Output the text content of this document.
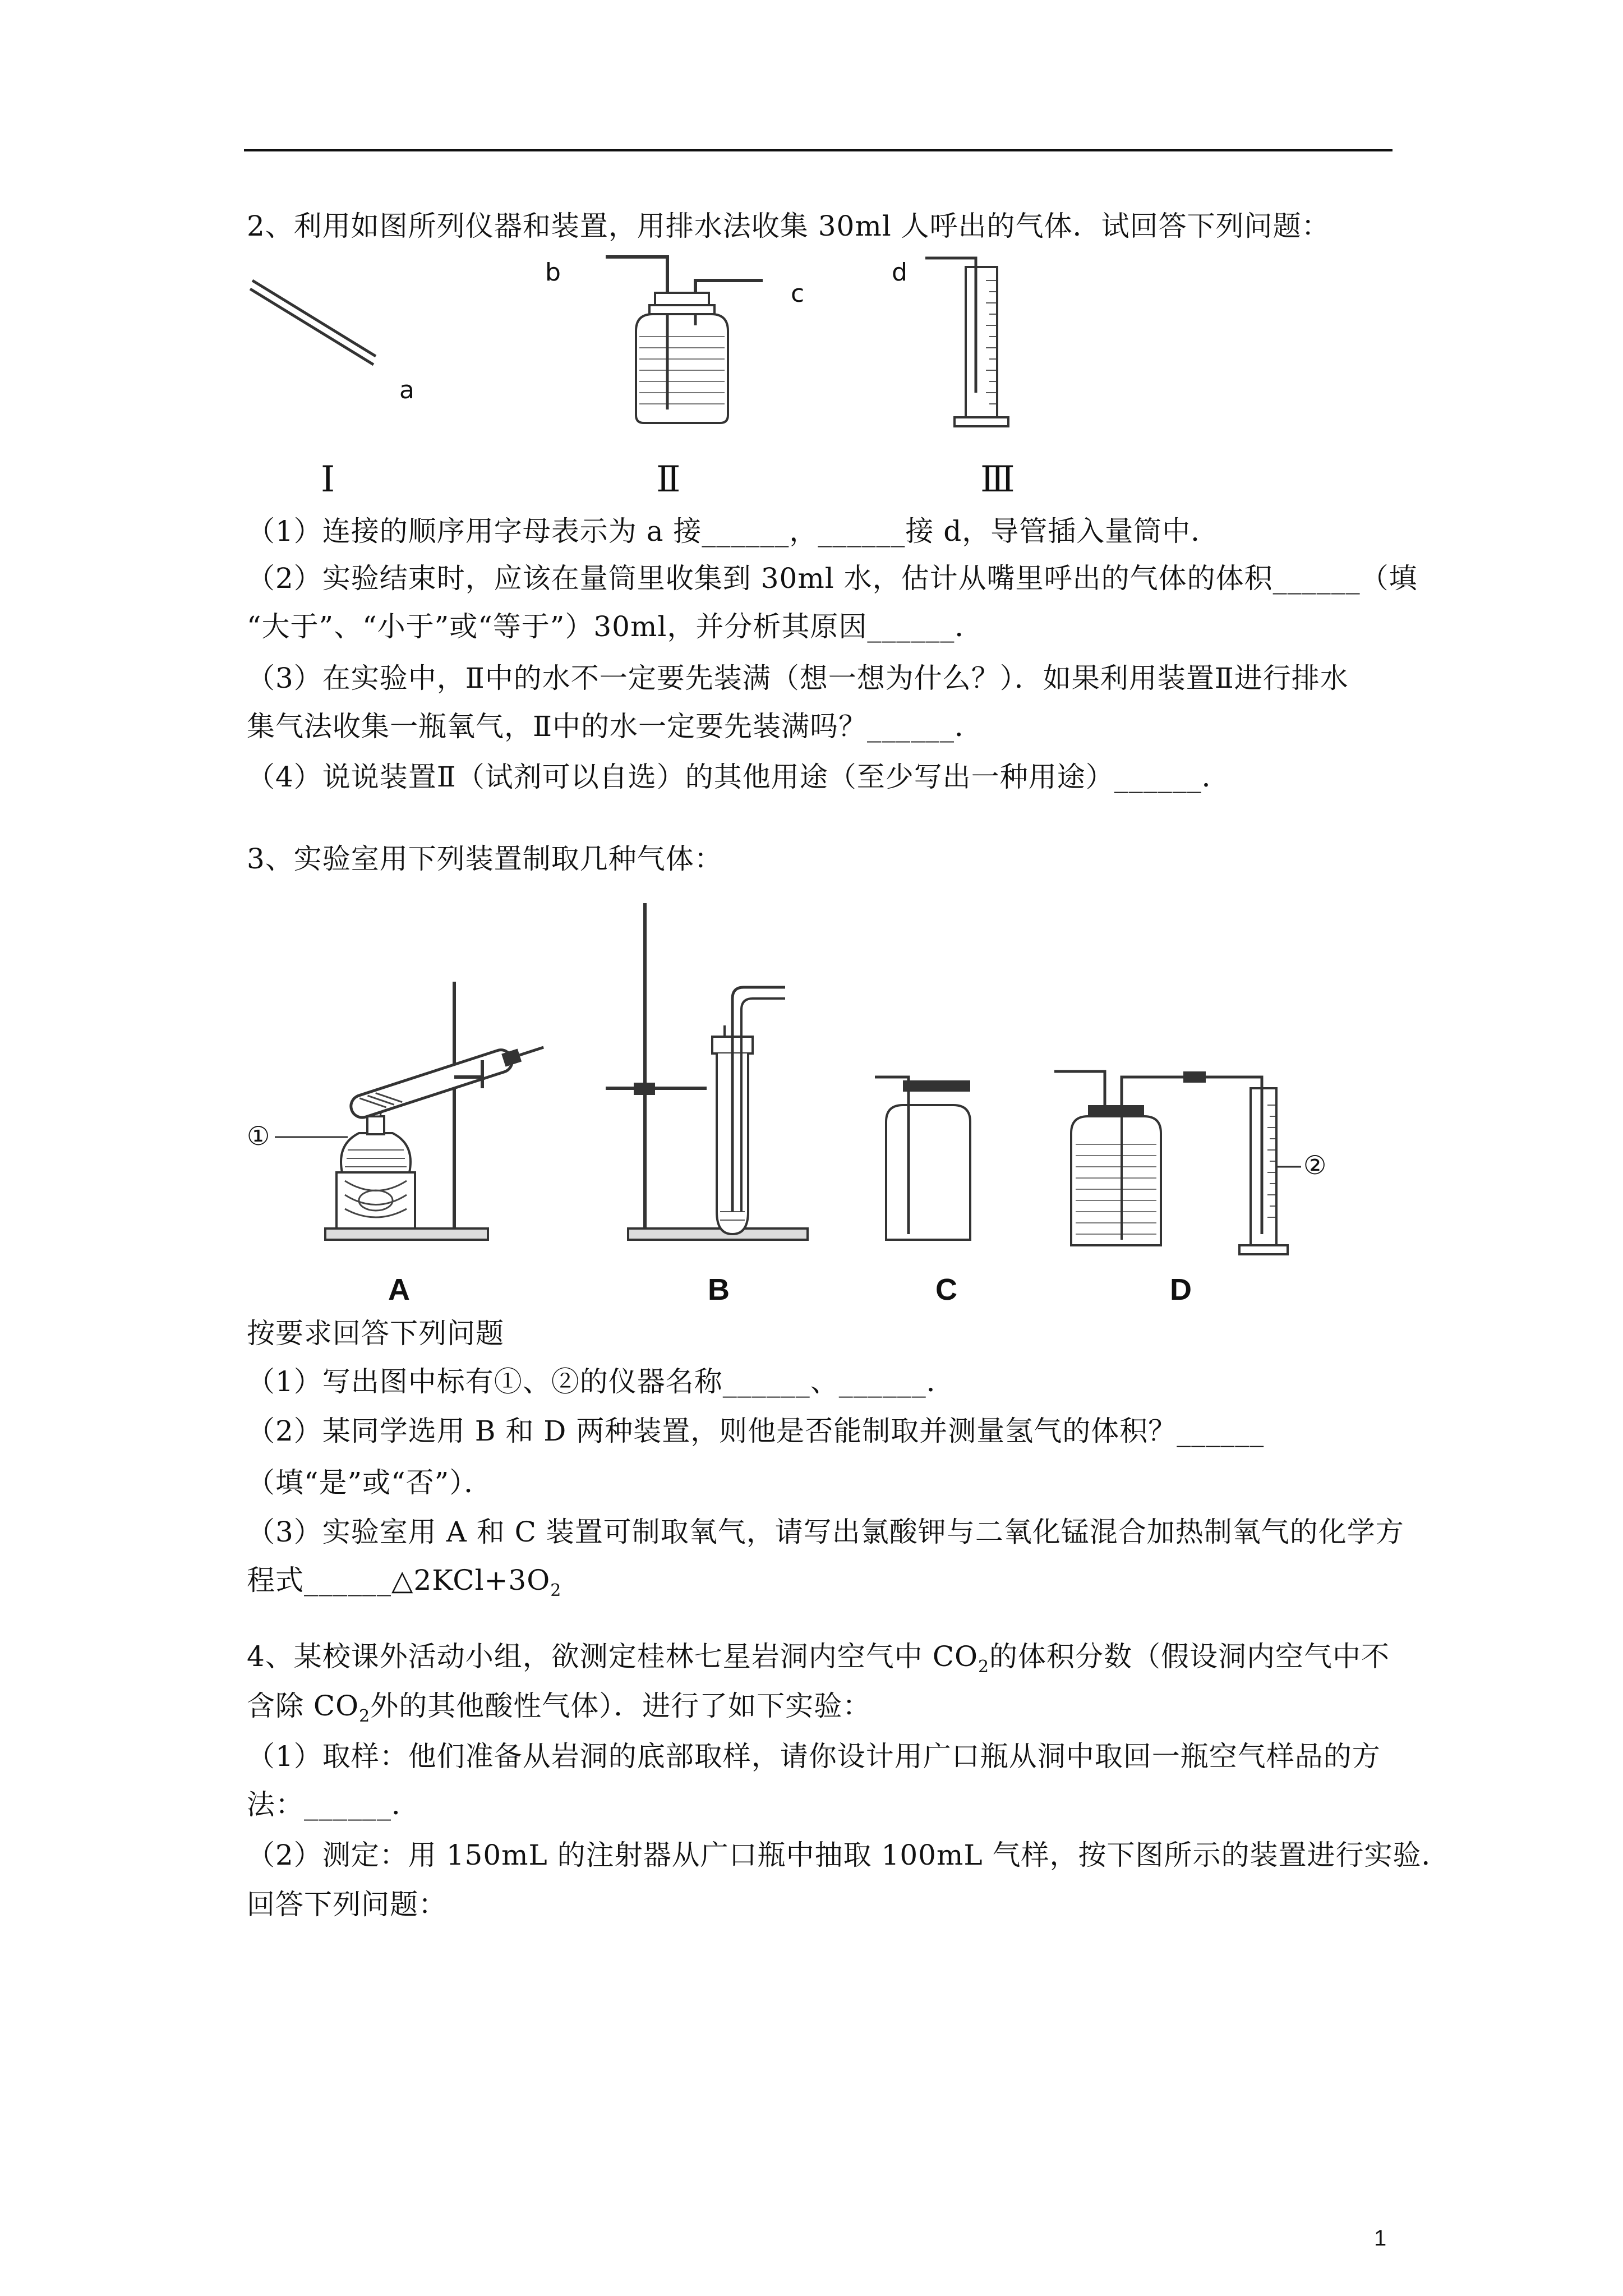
2、利用如图所列仪器和装置，用排水法收集 30ml 人呼出的气体．试回答下列问题：
a
b
c
d
Ⅰ	Ⅱ	Ⅲ
（1）连接的顺序用字母表示为 a 接______，______接 d，导管插入量筒中．
（2）实验结束时，应该在量筒里收集到 30ml 水，估计从嘴里呼出的气体的体积______（填
“大于”、“小于”或“等于”）30ml，并分析其原因______．
（3）在实验中，Ⅱ中的水不一定要先装满（想一想为什么？）．如果利用装置Ⅱ进行排水
集气法收集一瓶氧气，Ⅱ中的水一定要先装满吗？______．
（4）说说装置Ⅱ（试剂可以自选）的其他用途（至少写出一种用途）______．
3、实验室用下列装置制取几种气体：
①
②
A	B	C	D
按要求回答下列问题
（1）写出图中标有①、②的仪器名称______、______．
（2）某同学选用 B 和 D 两种装置，则他是否能制取并测量氢气的体积？______
（填“是”或“否”）．
（3）实验室用 A 和 C 装置可制取氧气，请写出氯酸钾与二氧化锰混合加热制氧气的化学方
程式$\_\_\_\_\_\_\triangle 2KCl+3O_2$
4、某校课外活动小组，欲测定桂林七星岩洞内空气中 $CO_2$的体积分数（假设洞内空气中不
含除 $CO_2$外的其他酸性气体）．进行了如下实验：
（1）取样：他们准备从岩洞的底部取样，请你设计用广口瓶从洞中取回一瓶空气样品的方
法：______．
（2）测定：用 150mL 的注射器从广口瓶中抽取 100mL 气样，按下图所示的装置进行实验．
回答下列问题：
1
